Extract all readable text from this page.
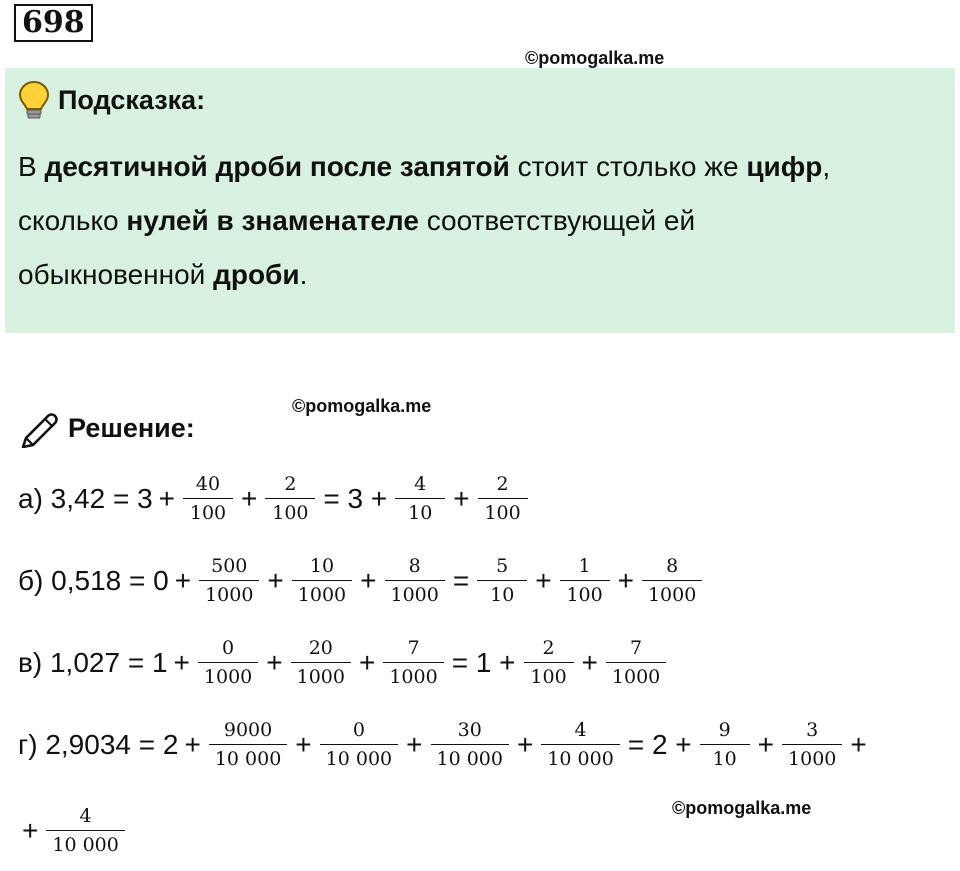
698
©pomogalka.me
Подсказка:
В десятичной дроби после запятой стоит столько же цифр,
сколько нулей в знаменателе соответствующей ей
обыкновенной дроби.
©pomogalka.me
Решение:
а) $3,42 = 3 + \frac{40}{100} + \frac{2}{100} = 3 + \frac{4}{10} + \frac{2}{100}$
б) $0,518 = 0 + \frac{500}{1000} + \frac{10}{1000} + \frac{8}{1000} = \frac{5}{10} + \frac{1}{100} + \frac{8}{1000}$
в) $1,027 = 1 + \frac{0}{1000} + \frac{20}{1000} + \frac{7}{1000} = 1 + \frac{2}{100} + \frac{7}{1000}$
г) $2,9034 = 2 + \frac{9000}{10 000} + \frac{0}{10 000} + \frac{30}{10 000} + \frac{4}{10 000} = 2 + \frac{9}{10} + \frac{3}{1000}$ +
©pomogalka.me
+ $\frac{4}{10 000}$
